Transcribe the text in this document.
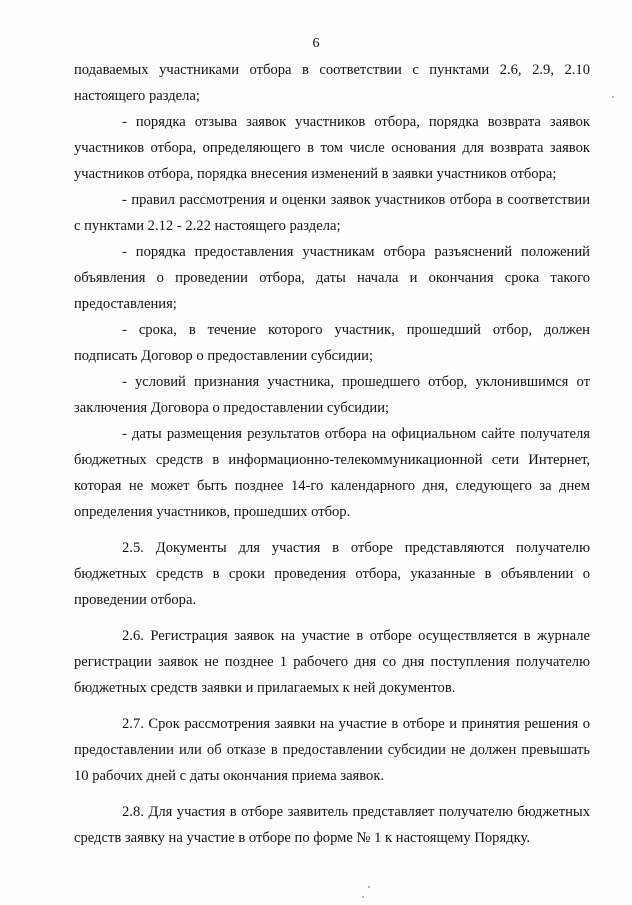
6

подаваемых участниками отбора в соответствии с пунктами 2.6, 2.9, 2.10 настоящего раздела;

- порядка отзыва заявок участников отбора, порядка возврата заявок участников отбора, определяющего в том числе основания для возврата заявок участников отбора, порядка внесения изменений в заявки участников отбора;

- правил рассмотрения и оценки заявок участников отбора в соответствии с пунктами 2.12 - 2.22 настоящего раздела;

- порядка предоставления участникам отбора разъяснений положений объявления о проведении отбора, даты начала и окончания срока такого предоставления;

- срока, в течение которого участник, прошедший отбор, должен подписать Договор о предоставлении субсидии;

- условий признания участника, прошедшего отбор, уклонившимся от заключения Договора о предоставлении субсидии;

- даты размещения результатов отбора на официальном сайте получателя бюджетных средств в информационно-телекоммуникационной сети Интернет, которая не может быть позднее 14-го календарного дня, следующего за днем определения участников, прошедших отбор.

2.5. Документы для участия в отборе представляются получателю бюджетных средств в сроки проведения отбора, указанные в объявлении о проведении отбора.

2.6. Регистрация заявок на участие в отборе осуществляется в журнале регистрации заявок не позднее 1 рабочего дня со дня поступления получателю бюджетных средств заявки и прилагаемых к ней документов.

2.7. Срок рассмотрения заявки на участие в отборе и принятия решения о предоставлении или об отказе в предоставлении субсидии не должен превышать 10 рабочих дней с даты окончания приема заявок.

2.8. Для участия в отборе заявитель представляет получателю бюджетных средств заявку на участие в отборе по форме № 1 к настоящему Порядку.
